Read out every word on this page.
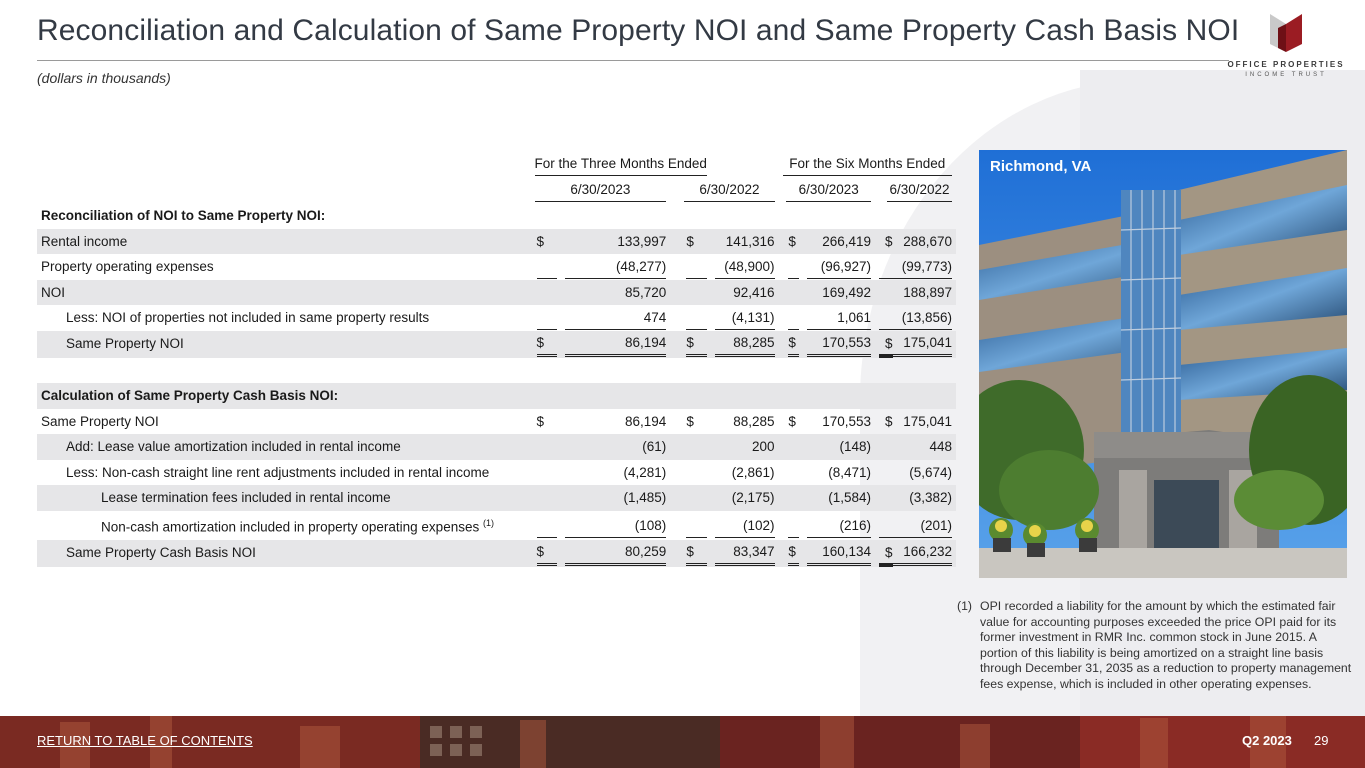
Reconciliation and Calculation of Same Property NOI and Same Property Cash Basis NOI
(dollars in thousands)
OFFICE PROPERTIES
INCOME TRUST

	For the Three Months Ended					For the Six Months Ended			

	6/30/2023			6/30/2022			6/30/2023		6/30/2022

Reconciliation of NOI to Same Property NOI:									
Rental income	$	133,997		$	141,316		$	266,419	$ 288,670
Property operating expenses		(48,277)			(48,900)			(96,927)	(99,773)

NOI		85,720			92,416			169,492	188,897
Less: NOI of properties not included in same property results		474			(4,131)			1,061	(13,856)

Same Property NOI	$	86,194		$	88,285		$	170,553	$ 175,041

Calculation of Same Property Cash Basis NOI:									
Same Property NOI	$	86,194		$	88,285		$	170,553	$ 175,041
Add: Lease value amortization included in rental income		(61)			200			(148)	448
Less: Non-cash straight line rent adjustments included in rental income		(4,281)			(2,861)			(8,471)	(5,674)
Lease termination fees included in rental income		(1,485)			(2,175)			(1,584)	(3,382)
Non-cash amortization included in property operating expenses $^{(1)}$		(108)			(102)			(216)	(201)

Same Property Cash Basis NOI	$	80,259		$	83,347		$	160,134	$ 166,232
Richmond, VA
(1) OPI recorded a liability for the amount by which the estimated fair value for accounting purposes exceeded the price OPI paid for its former investment in RMR Inc. common stock in June 2015. A portion of this liability is being amortized on a straight line basis through December 31, 2035 as a reduction to property management fees expense, which is included in other operating expenses.
RETURN TO TABLE OF CONTENTS	Q2 2023 29
